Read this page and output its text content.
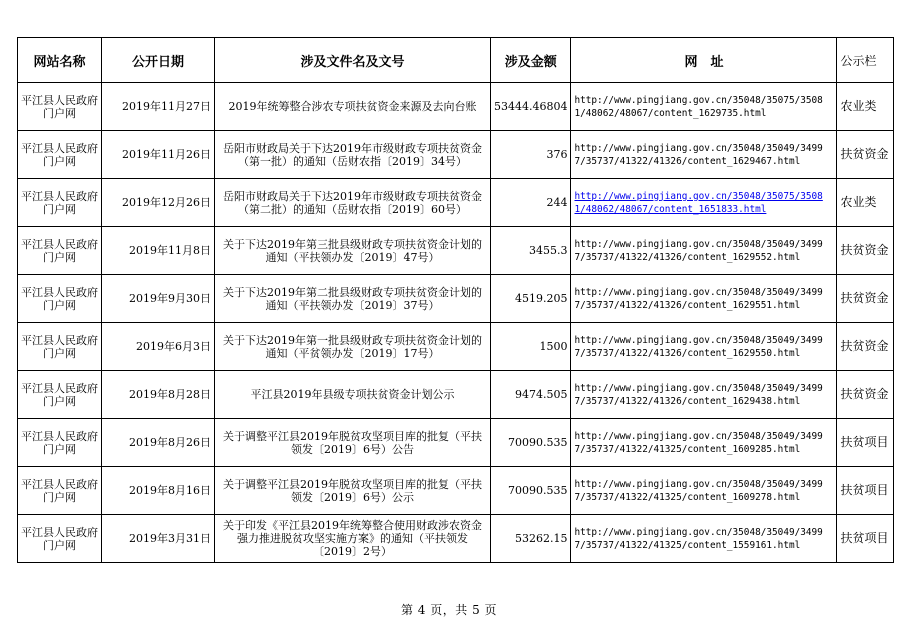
网站名称	公开日期	涉及文件名及文号	涉及金额	网　址	公示栏
平江县人民政府门户网	2019年11月27日	2019年统筹整合涉农专项扶贫资金来源及去向台账	53444.46804	http://www.pingjiang.gov.cn/35048/35075/35081/48062/48067/content_1629735.html	农业类
平江县人民政府门户网	2019年11月26日	岳阳市财政局关于下达2019年市级财政专项扶贫资金（第一批）的通知（岳财农指〔2019〕34号）	376	http://www.pingjiang.gov.cn/35048/35049/34997/35737/41322/41326/content_1629467.html	扶贫资金
平江县人民政府门户网	2019年12月26日	岳阳市财政局关于下达2019年市级财政专项扶贫资金（第二批）的通知（岳财农指〔2019〕60号）	244	http://www.pingjiang.gov.cn/35048/35075/35081/48062/48067/content_1651833.html	农业类
平江县人民政府门户网	2019年11月8日	关于下达2019年第三批县级财政专项扶贫资金计划的通知（平扶领办发〔2019〕47号）	3455.3	http://www.pingjiang.gov.cn/35048/35049/34997/35737/41322/41326/content_1629552.html	扶贫资金
平江县人民政府门户网	2019年9月30日	关于下达2019年第二批县级财政专项扶贫资金计划的通知（平扶领办发〔2019〕37号）	4519.205	http://www.pingjiang.gov.cn/35048/35049/34997/35737/41322/41326/content_1629551.html	扶贫资金
平江县人民政府门户网	2019年6月3日	关于下达2019年第一批县级财政专项扶贫资金计划的通知（平贫领办发〔2019〕17号）	1500	http://www.pingjiang.gov.cn/35048/35049/34997/35737/41322/41326/content_1629550.html	扶贫资金
平江县人民政府门户网	2019年8月28日	平江县2019年县级专项扶贫资金计划公示	9474.505	http://www.pingjiang.gov.cn/35048/35049/34997/35737/41322/41326/content_1629438.html	扶贫资金
平江县人民政府门户网	2019年8月26日	关于调整平江县2019年脱贫攻坚项目库的批复（平扶领发〔2019〕6号）公告	70090.535	http://www.pingjiang.gov.cn/35048/35049/34997/35737/41322/41325/content_1609285.html	扶贫项目
平江县人民政府门户网	2019年8月16日	关于调整平江县2019年脱贫攻坚项目库的批复（平扶领发〔2019〕6号）公示	70090.535	http://www.pingjiang.gov.cn/35048/35049/34997/35737/41322/41325/content_1609278.html	扶贫项目
平江县人民政府门户网	2019年3月31日	关于印发《平江县2019年统筹整合使用财政涉农资金强力推进脱贫攻坚实施方案》的通知（平扶领发〔2019〕2号）	53262.15	http://www.pingjiang.gov.cn/35048/35049/34997/35737/41322/41325/content_1559161.html	扶贫项目
第 4 页，共 5 页
